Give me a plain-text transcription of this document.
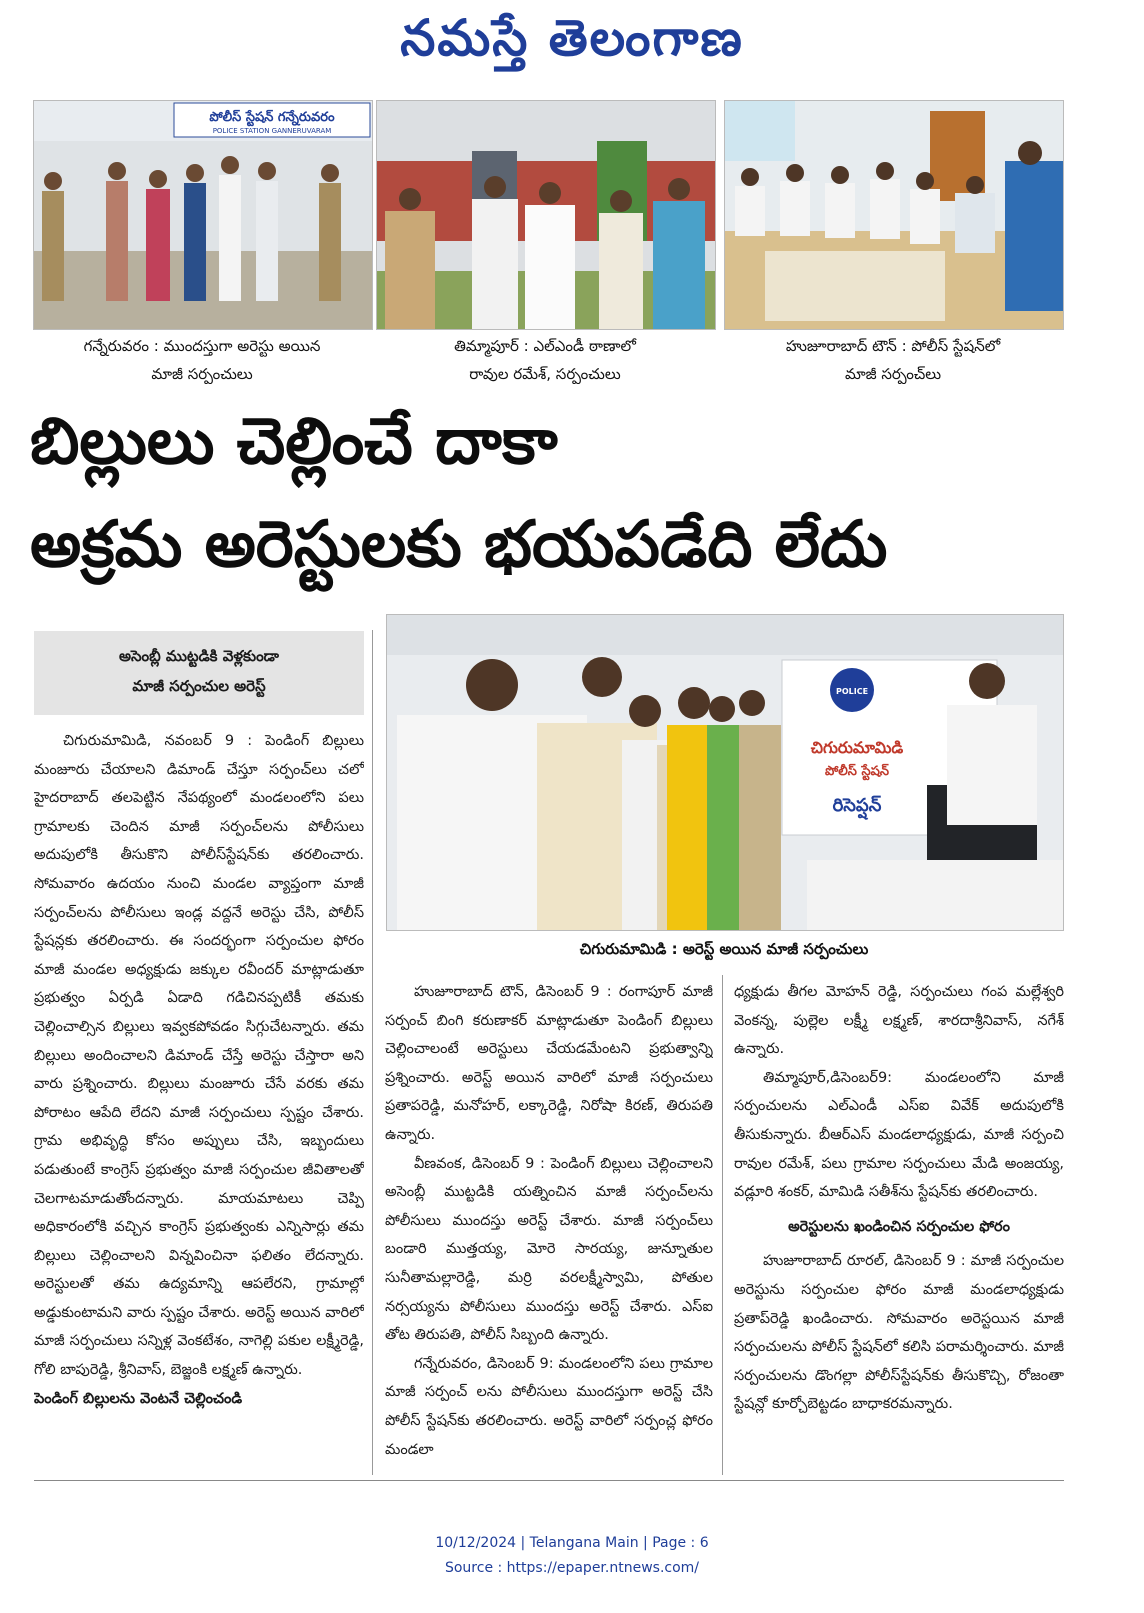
నమస్తే తెలంగాణ
పోలీస్ స్టేషన్ గన్నేరువరం
POLICE STATION GANNERUVARAM
గన్నేరువరం : ముందస్తుగా అరెస్టు అయిన
మాజీ సర్పంచులు
తిమ్మాపూర్ : ఎల్ఎండీ ఠాణాలో
రావుల రమేశ్, సర్పంచులు
హుజూరాబాద్ టౌన్ : పోలీస్ స్టేషన్‌లో
మాజీ సర్పంచ్‌లు
బిల్లులు చెల్లించే దాకా
అక్రమ అరెస్టులకు భయపడేది లేదు
అసెంబ్లీ ముట్టడికి వెళ్లకుండా
మాజీ సర్పంచుల అరెస్ట్	POLICE
చిగురుమామిడి
పోలీస్ స్టేషన్
రిసెప్షన్
చిగురుమామిడి : అరెస్ట్ అయిన మాజీ సర్పంచులు

చిగురుమామిడి, నవంబర్ 9 : పెండింగ్ బిల్లులు మంజూరు చేయాలని డిమాండ్ చేస్తూ సర్పంచ్‌లు చలో హైదరాబాద్ తలపెట్టిన నేపథ్యంలో మండలంలోని పలు గ్రామాలకు చెందిన మాజీ సర్పంచ్‌లను పోలీసులు అదుపులోకి తీసుకొని పోలీస్‌స్టేషన్‌కు తరలించారు. సోమవారం ఉదయం నుంచి మండల వ్యాప్తంగా మాజీ సర్పంచ్‌లను పోలీసులు ఇండ్ల వద్దనే అరెస్టు చేసి, పోలీస్ స్టేషన్లకు తరలించారు. ఈ సందర్భంగా సర్పంచుల ఫోరం మాజీ మండల అధ్యక్షుడు జక్కుల రవీందర్ మాట్లాడుతూ ప్రభుత్వం ఏర్పడి ఏడాది గడిచినప్పటికీ తమకు చెల్లించాల్సిన బిల్లులు ఇవ్వకపోవడం సిగ్గుచేటన్నారు. తమ బిల్లులు అందించాలని డిమాండ్ చేస్తే అరెస్టు చేస్తారా అని వారు ప్రశ్నించారు. బిల్లులు మంజూరు చేసే వరకు తమ పోరాటం ఆపేది లేదని మాజీ సర్పంచులు స్పష్టం చేశారు. గ్రామ అభివృద్ధి కోసం అప్పులు చేసి, ఇబ్బందులు పడుతుంటే కాంగ్రెస్ ప్రభుత్వం మాజీ సర్పంచుల జీవితాలతో చెలగాటమాడుతోందన్నారు. మాయమాటలు చెప్పి అధికారంలోకి వచ్చిన కాంగ్రెస్ ప్రభుత్వంకు ఎన్నిసార్లు తమ బిల్లులు చెల్లించాలని విన్నవించినా ఫలితం లేదన్నారు. అరెస్టులతో తమ ఉద్యమాన్ని ఆపలేరని, గ్రామాల్లో అడ్డుకుంటామని వారు స్పష్టం చేశారు. అరెస్ట్ అయిన వారిలో మాజీ సర్పంచులు సన్నిళ్ల వెంకటేశం, నాగెల్లి పకుల లక్ష్మీరెడ్డి, గోలి బాపురెడ్డి, శ్రీనివాస్, బెజ్జంకి లక్ష్మణ్ ఉన్నారు.

పెండింగ్ బిల్లులను వెంటనే చెల్లించండి

హుజూరాబాద్ టౌన్, డిసెంబర్ 9 : రంగాపూర్ మాజీ సర్పంచ్ బింగి కరుణాకర్ మాట్లాడుతూ పెండింగ్ బిల్లులు చెల్లించాలంటే అరెస్టులు చేయడమేంటని ప్రభుత్వాన్ని ప్రశ్నించారు. అరెస్ట్ అయిన వారిలో మాజీ సర్పంచులు ప్రతాపరెడ్డి, మనోహర్, లక్కారెడ్డి, నిరోషా కిరణ్, తిరుపతి ఉన్నారు.

వీణవంక, డిసెంబర్ 9 : పెండింగ్ బిల్లులు చెల్లించాలని అసెంబ్లీ ముట్టడికి యత్నించిన మాజీ సర్పంచ్‌లను పోలీసులు ముందస్తు అరెస్ట్ చేశారు. మాజీ సర్పంచ్‌లు బండారి ముత్తయ్య, మోరె సారయ్య, జున్నూతుల సునీతామల్లారెడ్డి, మర్రి వరలక్ష్మీస్వామి, పోతుల నర్సయ్యను పోలీసులు ముందస్తు అరెస్ట్ చేశారు. ఎస్ఐ తోట తిరుపతి, పోలీస్ సిబ్బంది ఉన్నారు.

గన్నేరువరం, డిసెంబర్ 9: మండలంలోని పలు గ్రామాల మాజీ సర్పంచ్ లను పోలీసులు ముందస్తుగా అరెస్ట్ చేసి పోలీస్ స్టేషన్‌కు తరలించారు. అరెస్ట్ వారిలో సర్పంచ్ల ఫోరం మండలా

ధ్యక్షుడు తీగల మోహన్ రెడ్డి, సర్పంచులు గంప మల్లేశ్వరి వెంకన్న, పుల్లెల లక్ష్మీ లక్ష్మణ్, శారదాశ్రీనివాస్, నగేశ్ ఉన్నారు.

తిమ్మాపూర్,డిసెంబర్9: మండలంలోని మాజీ సర్పంచులను ఎల్ఎండీ ఎస్ఐ వివేక్ అదుపులోకి తీసుకున్నారు. బీఆర్ఎస్ మండలాధ్యక్షుడు, మాజీ సర్పంచి రావుల రమేశ్, పలు గ్రామాల సర్పంచులు మేడి అంజయ్య, వడ్లూరి శంకర్, మామిడి సతీశ్‌ను స్టేషన్‌కు తరలించారు.

అరెస్టులను ఖండించిన సర్పంచుల ఫోరం

హుజూరాబాద్ రూరల్, డిసెంబర్ 9 : మాజీ సర్పంచుల అరెస్టును సర్పంచుల ఫోరం మాజీ మండలాధ్యక్షుడు ప్రతాప్‌రెడ్డి ఖండించారు. సోమవారం అరెస్టయిన మాజీ సర్పంచులను పోలీస్ స్టేషన్‌లో కలిసి పరామర్శించారు. మాజీ సర్పంచులను డొంగల్లా పోలీస్‌స్టేషన్‌కు తీసుకొచ్చి, రోజంతా స్టేషన్లో కూర్చోబెట్టడం బాధాకరమన్నారు.

10/12/2024 | Telangana Main | Page : 6
Source : https://epaper.ntnews.com/
